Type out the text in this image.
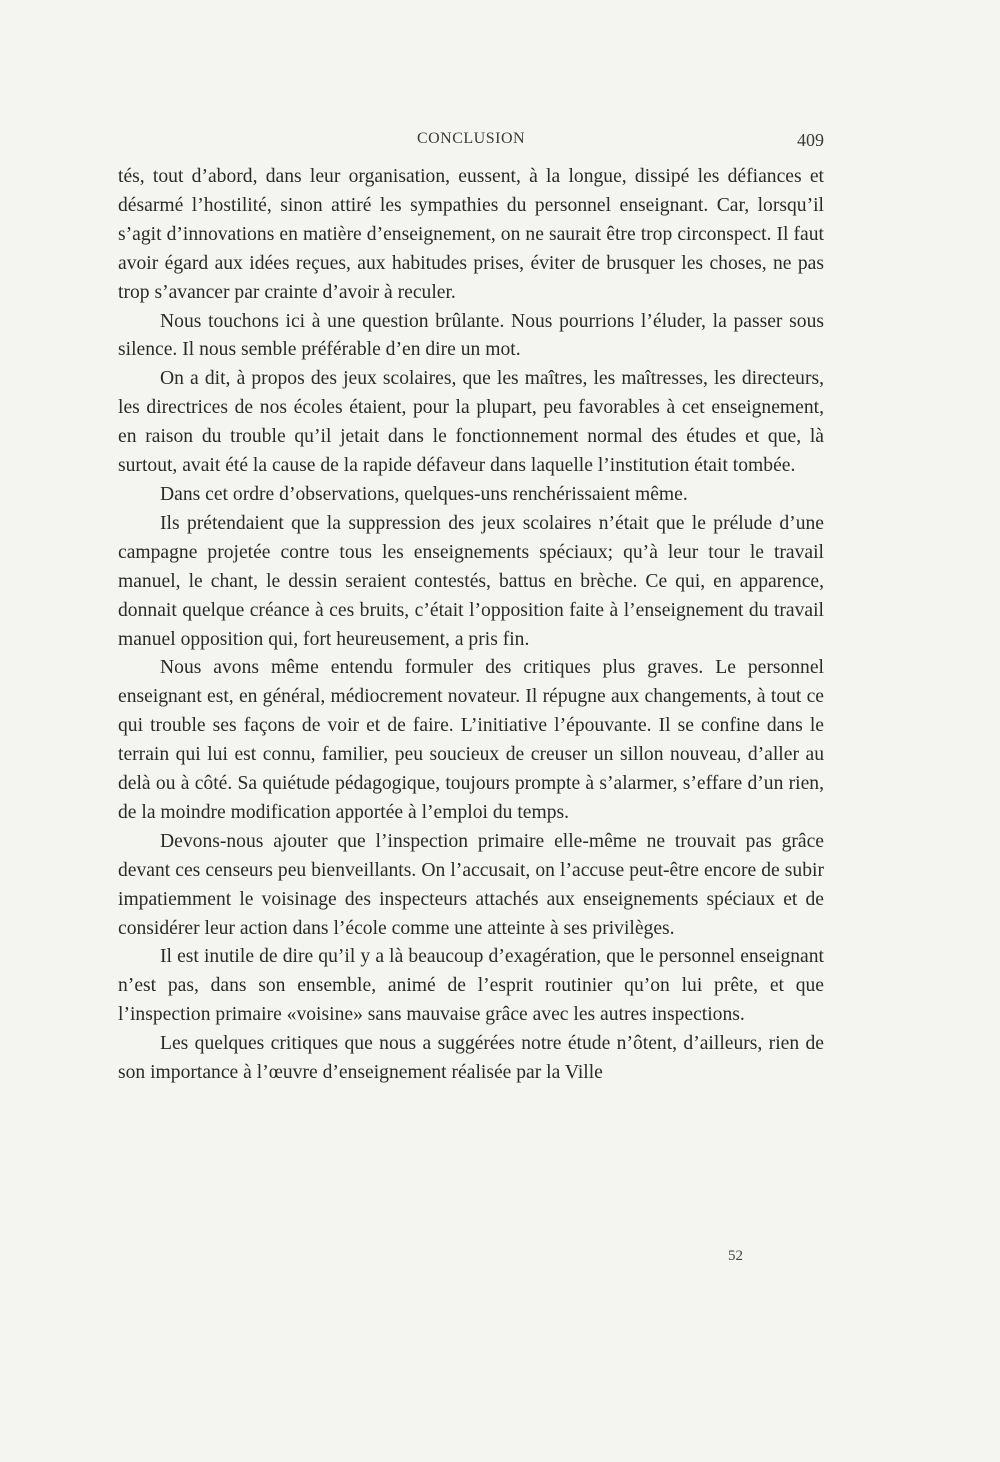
CONCLUSION	409

tés, tout d’abord, dans leur organisation, eussent, à la longue, dissipé les défiances et désarmé l’hostilité, sinon attiré les sympathies du personnel enseignant. Car, lorsqu’il s’agit d’innovations en matière d’enseignement, on ne saurait être trop circonspect. Il faut avoir égard aux idées reçues, aux habitudes prises, éviter de brusquer les choses, ne pas trop s’avancer par crainte d’avoir à reculer.

Nous touchons ici à une question brûlante. Nous pourrions l’éluder, la passer sous silence. Il nous semble préférable d’en dire un mot.

On a dit, à propos des jeux scolaires, que les maîtres, les maîtresses, les directeurs, les directrices de nos écoles étaient, pour la plupart, peu favorables à cet enseignement, en raison du trouble qu’il jetait dans le fonctionnement normal des études et que, là surtout, avait été la cause de la rapide défaveur dans laquelle l’institution était tombée.

Dans cet ordre d’observations, quelques-uns renchérissaient même.

Ils prétendaient que la suppression des jeux scolaires n’était que le prélude d’une campagne projetée contre tous les enseignements spéciaux; qu’à leur tour le travail manuel, le chant, le dessin seraient contestés, battus en brèche. Ce qui, en apparence, donnait quelque créance à ces bruits, c’était l’opposition faite à l’enseignement du travail manuel opposition qui, fort heureusement, a pris fin.

Nous avons même entendu formuler des critiques plus graves. Le personnel enseignant est, en général, médiocrement novateur. Il répugne aux changements, à tout ce qui trouble ses façons de voir et de faire. L’initiative l’épouvante. Il se confine dans le terrain qui lui est connu, familier, peu soucieux de creuser un sillon nouveau, d’aller au delà ou à côté. Sa quiétude pédagogique, toujours prompte à s’alarmer, s’effare d’un rien, de la moindre modification apportée à l’emploi du temps.

Devons-nous ajouter que l’inspection primaire elle-même ne trouvait pas grâce devant ces censeurs peu bienveillants. On l’accusait, on l’accuse peut-être encore de subir impatiemment le voisinage des inspecteurs attachés aux enseignements spéciaux et de considérer leur action dans l’école comme une atteinte à ses privilèges.

Il est inutile de dire qu’il y a là beaucoup d’exagération, que le personnel enseignant n’est pas, dans son ensemble, animé de l’esprit routinier qu’on lui prête, et que l’inspection primaire «voisine» sans mauvaise grâce avec les autres inspections.

Les quelques critiques que nous a suggérées notre étude n’ôtent, d’ailleurs, rien de son importance à l’œuvre d’enseignement réalisée par la Ville

52
